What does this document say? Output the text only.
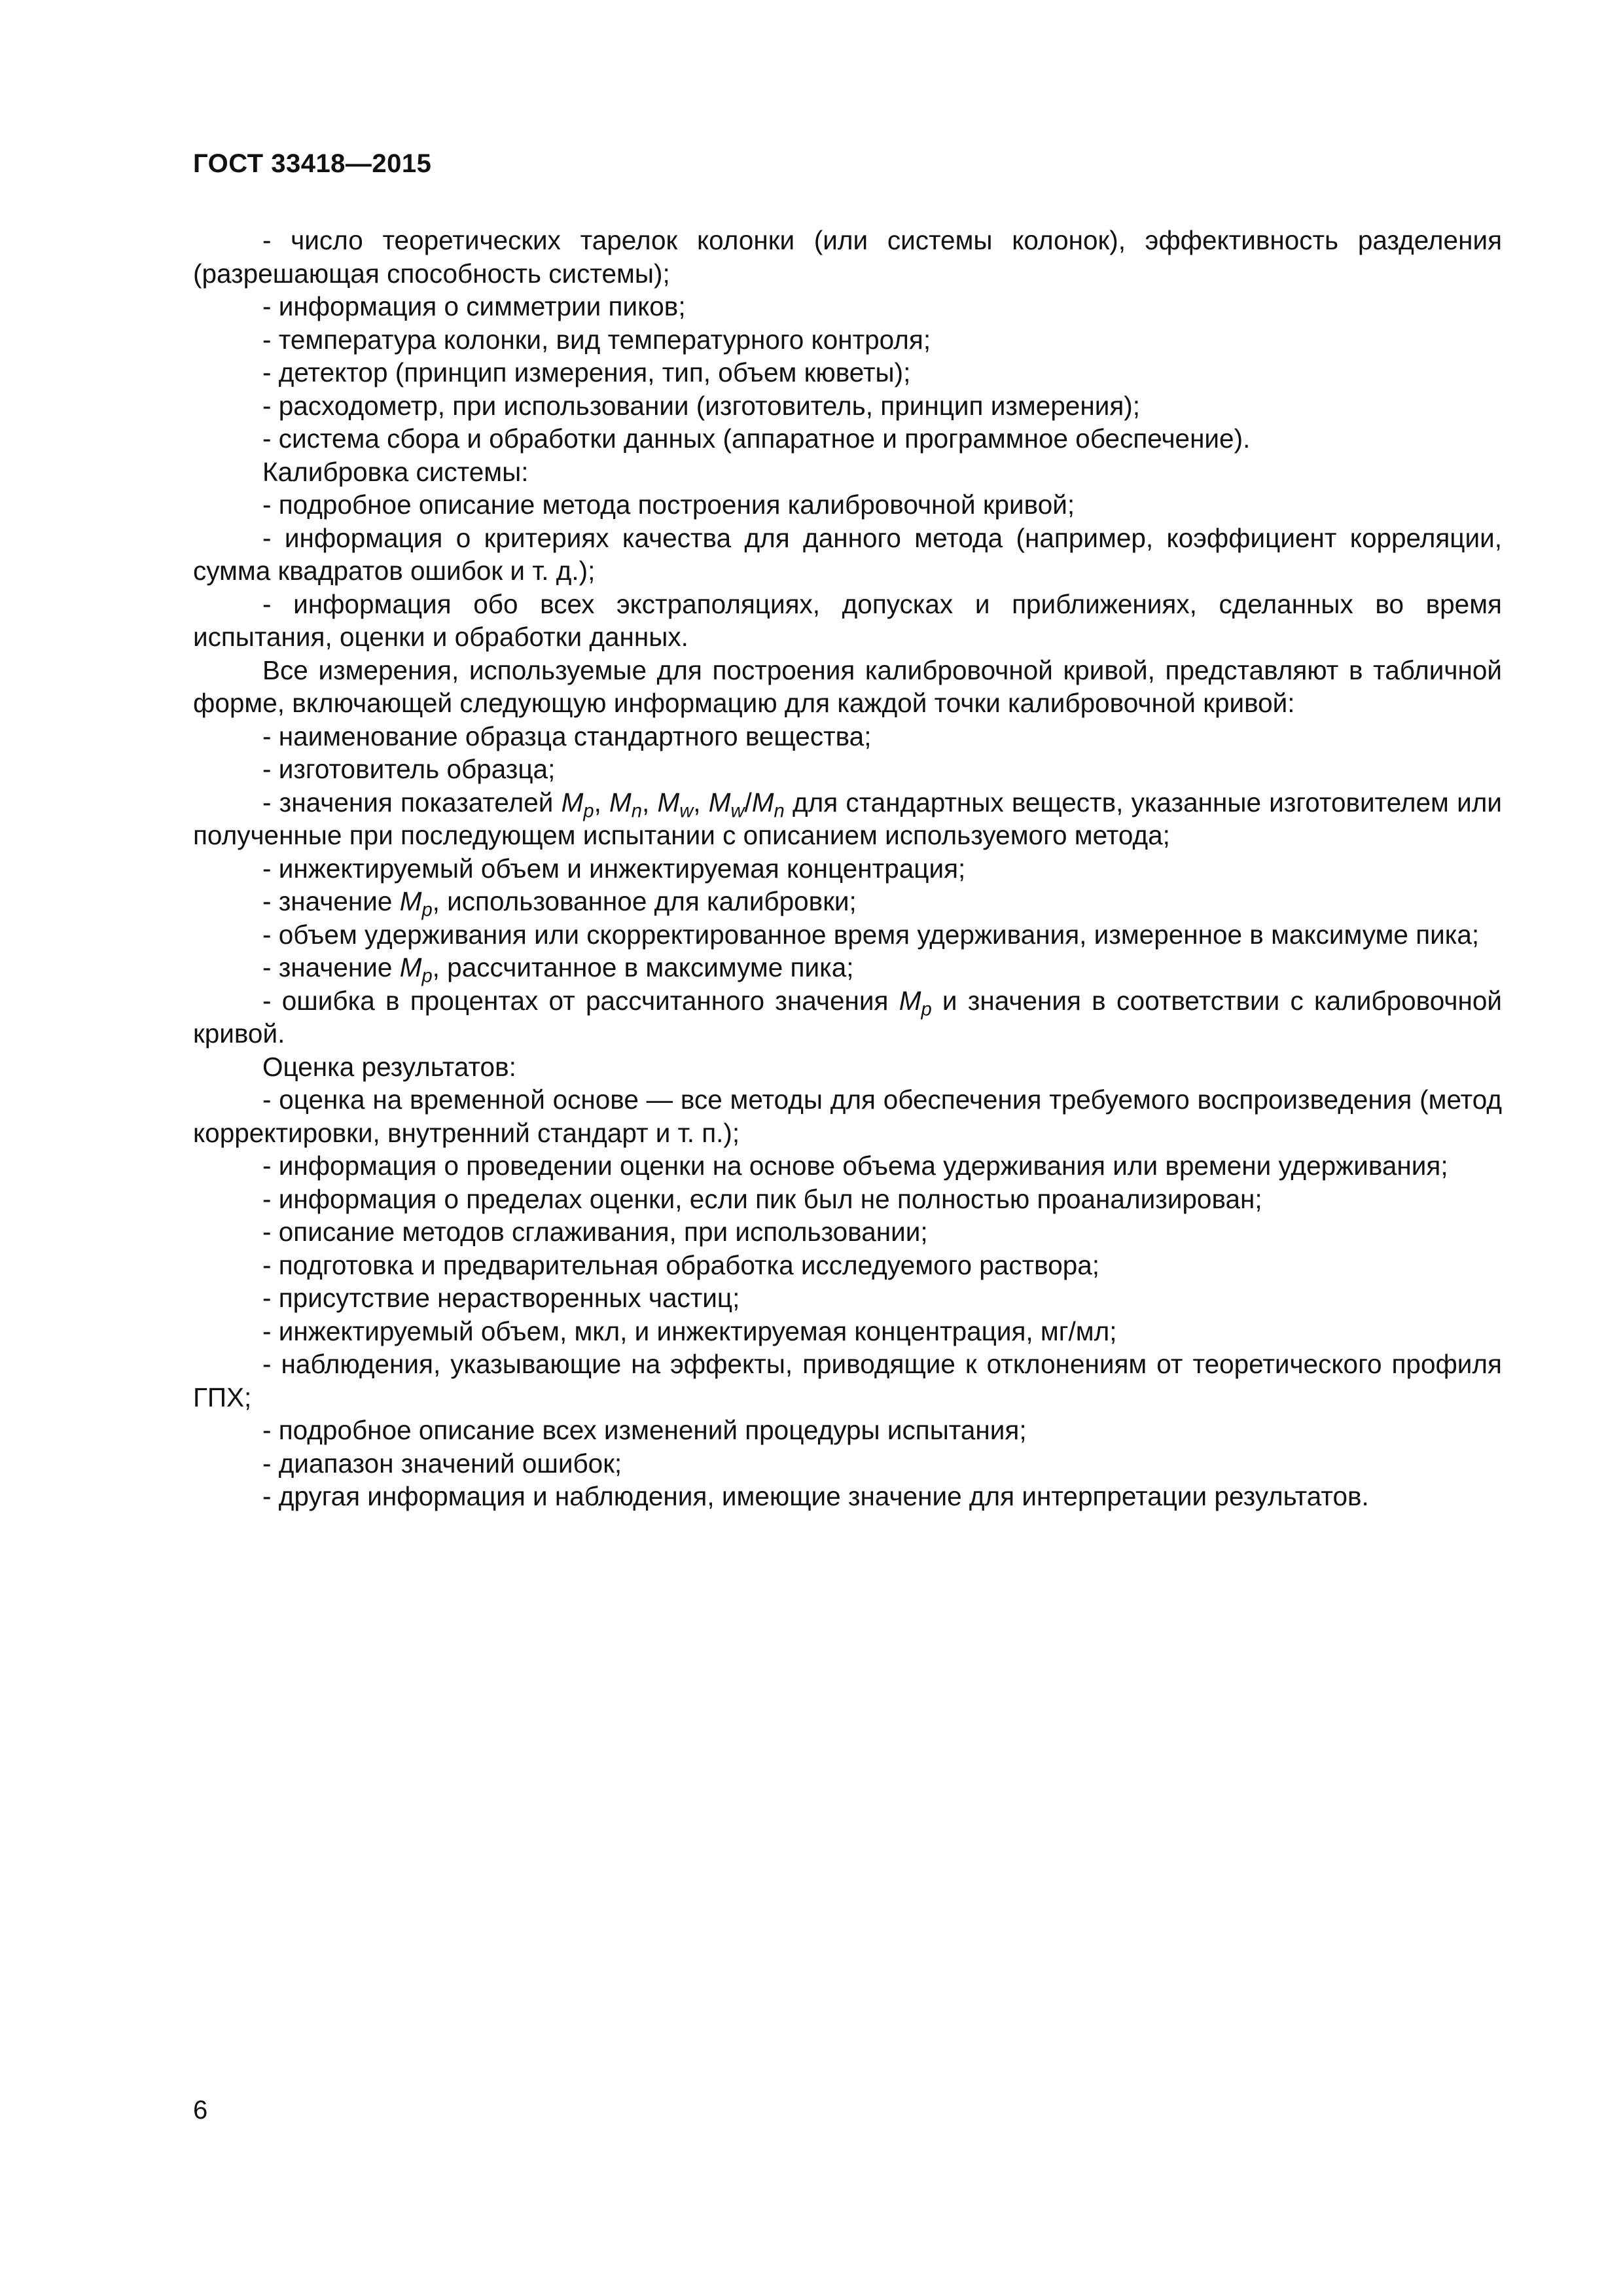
ГОСТ 33418—2015

- число теоретических тарелок колонки (или системы колонок), эффективность разделения (разрешающая способность системы);

- информация о симметрии пиков;

- температура колонки, вид температурного контроля;

- детектор (принцип измерения, тип, объем кюветы);

- расходометр, при использовании (изготовитель, принцип измерения);

- система сбора и обработки данных (аппаратное и программное обеспечение).

Калибровка системы:

- подробное описание метода построения калибровочной кривой;

- информация о критериях качества для данного метода (например, коэффициент корреляции, сумма квадратов ошибок и т. д.);

- информация обо всех экстраполяциях, допусках и приближениях, сделанных во время испытания, оценки и обработки данных.

Все измерения, используемые для построения калибровочной кривой, представляют в табличной форме, включающей следующую информацию для каждой точки калибровочной кривой:

- наименование образца стандартного вещества;

- изготовитель образца;

- значения показателей $M_p$, $M_n$, $M_w$, $M_w/M_n$ для стандартных веществ, указанные изготовителем или полученные при последующем испытании с описанием используемого метода;

- инжектируемый объем и инжектируемая концентрация;

- значение $M_p$, использованное для калибровки;

- объем удерживания или скорректированное время удерживания, измеренное в максимуме пика;

- значение $M_p$, рассчитанное в максимуме пика;

- ошибка в процентах от рассчитанного значения $M_p$ и значения в соответствии с калибровочной кривой.

Оценка результатов:

- оценка на временной основе — все методы для обеспечения требуемого воспроизведения (метод корректировки, внутренний стандарт и т. п.);

- информация о проведении оценки на основе объема удерживания или времени удерживания;

- информация о пределах оценки, если пик был не полностью проанализирован;

- описание методов сглаживания, при использовании;

- подготовка и предварительная обработка исследуемого раствора;

- присутствие нерастворенных частиц;

- инжектируемый объем, мкл, и инжектируемая концентрация, мг/мл;

- наблюдения, указывающие на эффекты, приводящие к отклонениям от теоретического профиля ГПХ;

- подробное описание всех изменений процедуры испытания;

- диапазон значений ошибок;

- другая информация и наблюдения, имеющие значение для интерпретации результатов.

6
